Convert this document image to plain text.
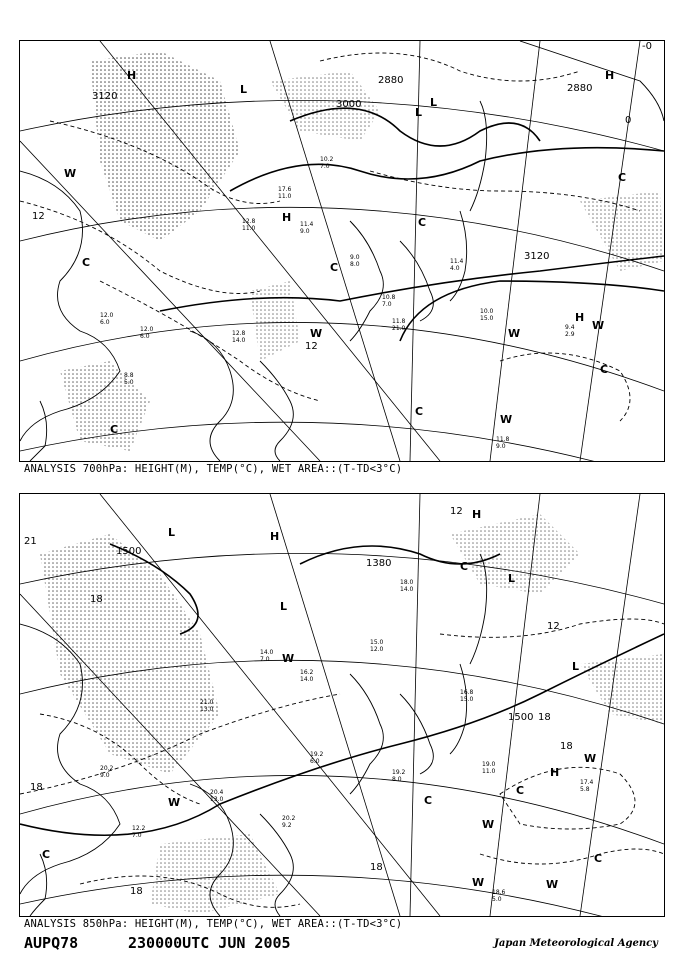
3120
3000
2880
2880
3120
12
12
-0
0
H
H
H
H
L
L
L
C
C
C
C
C
C
C
W
W
W
W
W
10.2
7.0
17.6
11.0
11.4
9.0
9.0
8.0
12.8
11.0
11.4
4.0
10.0
15.0
9.4
2.9
11.8
9.0
12.0
6.0
12.0
6.0	12.8
14.0
10.8
7.0
11.8
21.0
8.8
5.0
ANALYSIS 700hPa: HEIGHT(M), TEMP(°C), WET AREA::(T-TD<3°C)
1500
1500
1380
18
18
18
18
18
18
12
12
21	H
H
H
L
L
L
L
C
C
C
C
C
W
W
W	W
W
W
19.0
11.0
17.4
5.8
18.6
5.0
20.2
9.0
20.4
13.0
21.0
13.0
19.2
6.0
15.0
12.0
16.2
14.0
14.0
7.0
18.0
14.0
12.2
7.0
20.2
9.2
16.8
15.0
19.2
8.0
ANALYSIS 850hPa: HEIGHT(M), TEMP(°C), WET AREA::(T-TD<3°C)
AUPQ78	230000UTC JUN 2005	Japan Meteorological Agency
